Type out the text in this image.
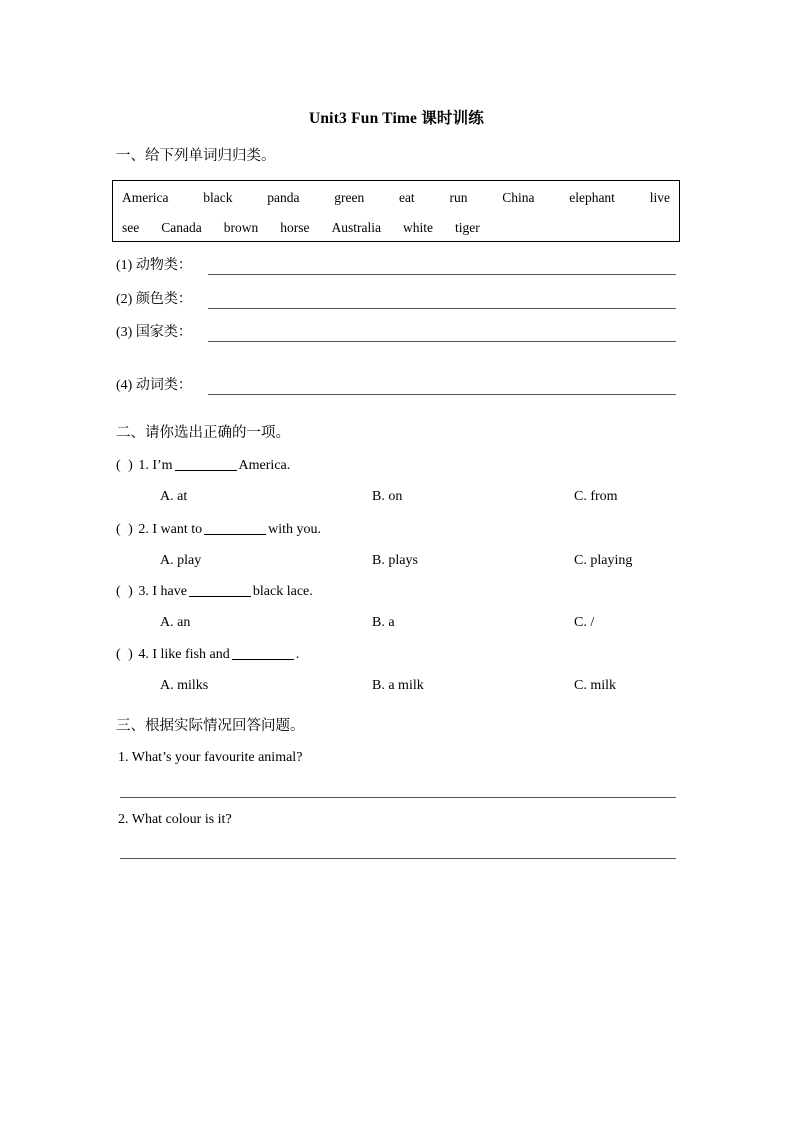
Unit3 Fun Time 课时训练
一、给下列单词归归类。
America	black	panda	green	eat	run	China	elephant	live
see Canada brown horse Australia white tiger
(1) 动物类：
(2) 颜色类：
(3) 国家类：
(4) 动词类：
二、请你选出正确的一项。
( ) 1. I’m	America.
A. at	B. on	C. from
( ) 2. I want to	with you.
A. play	B. plays	C. playing
( ) 3. I have	black lace.
A. an	B. a	C. /
( ) 4. I like fish and	.
A. milks	B. a milk	C. milk
三、根据实际情况回答问题。
1. What’s your favourite animal?
2. What colour is it?
